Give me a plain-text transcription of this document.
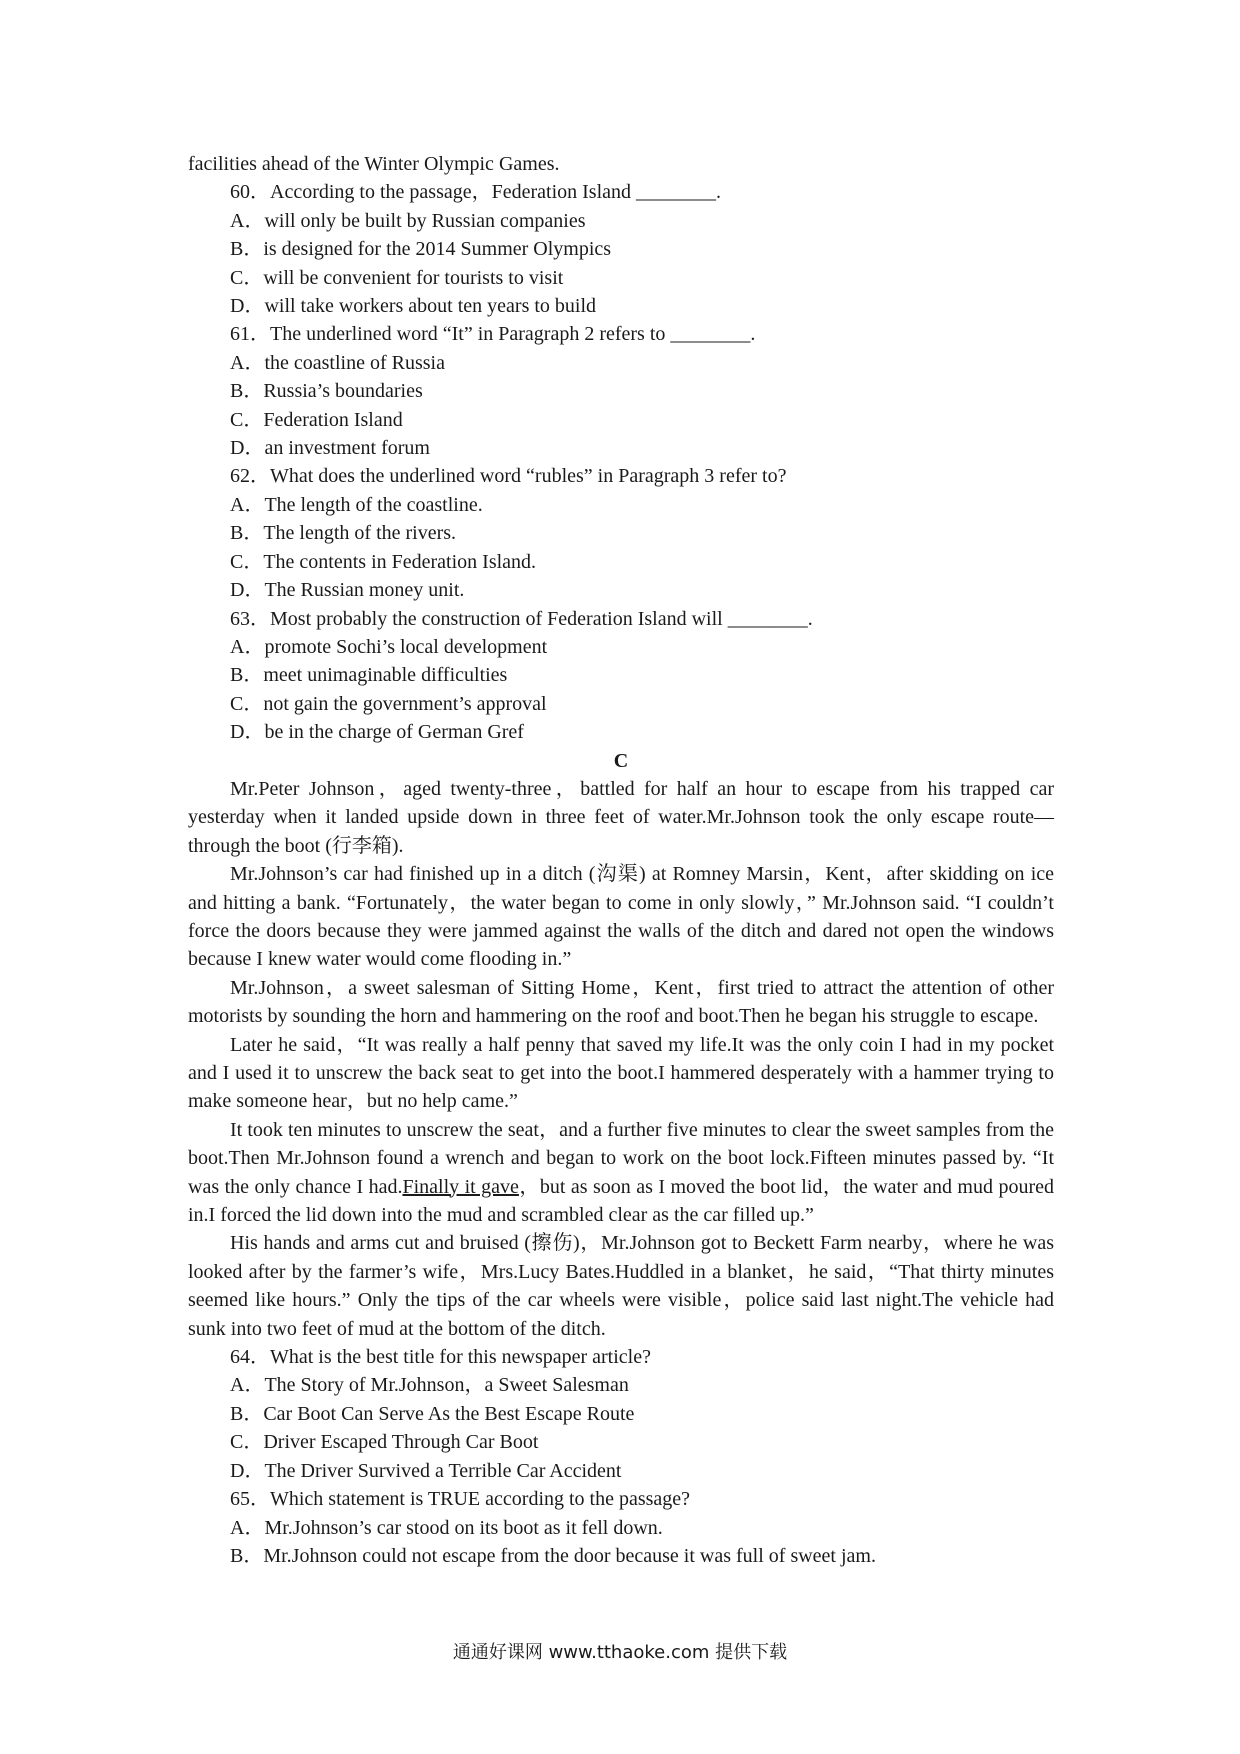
facilities ahead of the Winter Olympic Games.

60．According to the passage，Federation Island ________.

A．will only be built by Russian companies

B．is designed for the 2014 Summer Olympics

C．will be convenient for tourists to visit

D．will take workers about ten years to build

61．The underlined word “It” in Paragraph 2 refers to ________.

A．the coastline of Russia

B．Russia’s boundaries

C．Federation Island

D．an investment forum

62．What does the underlined word “rubles” in Paragraph 3 refer to?

A．The length of the coastline.

B．The length of the rivers.

C．The contents in Federation Island.

D．The Russian money unit.

63．Most probably the construction of Federation Island will ________.

A．promote Sochi’s local development

B．meet unimaginable difficulties

C．not gain the government’s approval

D．be in the charge of German Gref

C

Mr.Peter Johnson，aged twenty-three，battled for half an hour to escape from his trapped car yesterday when it landed upside down in three feet of water.Mr.Johnson took the only escape route—through the boot (行李箱).

Mr.Johnson’s car had finished up in a ditch (沟渠) at Romney Marsin，Kent，after skidding on ice and hitting a bank. “Fortunately，the water began to come in only slowly，” Mr.Johnson said. “I couldn’t force the doors because they were jammed against the walls of the ditch and dared not open the windows because I knew water would come flooding in.”

Mr.Johnson，a sweet salesman of Sitting Home，Kent，first tried to attract the attention of other motorists by sounding the horn and hammering on the roof and boot.Then he began his struggle to escape.

Later he said，“It was really a half penny that saved my life.It was the only coin I had in my pocket and I used it to unscrew the back seat to get into the boot.I hammered desperately with a hammer trying to make someone hear，but no help came.”

It took ten minutes to unscrew the seat，and a further five minutes to clear the sweet samples from the boot.Then Mr.Johnson found a wrench and began to work on the boot lock.Fifteen minutes passed by. “It was the only chance I had.Finally it gave，but as soon as I moved the boot lid，the water and mud poured in.I forced the lid down into the mud and scrambled clear as the car filled up.”

His hands and arms cut and bruised (擦伤)，Mr.Johnson got to Beckett Farm nearby，where he was looked after by the farmer’s wife，Mrs.Lucy Bates.Huddled in a blanket，he said，“That thirty minutes seemed like hours.” Only the tips of the car wheels were visible，police said last night.The vehicle had sunk into two feet of mud at the bottom of the ditch.

64．What is the best title for this newspaper article?

A．The Story of Mr.Johnson，a Sweet Salesman

B．Car Boot Can Serve As the Best Escape Route

C．Driver Escaped Through Car Boot

D．The Driver Survived a Terrible Car Accident

65．Which statement is TRUE according to the passage?

A．Mr.Johnson’s car stood on its boot as it fell down.

B．Mr.Johnson could not escape from the door because it was full of sweet jam.

通通好课网 www.tthaoke.com 提供下载
